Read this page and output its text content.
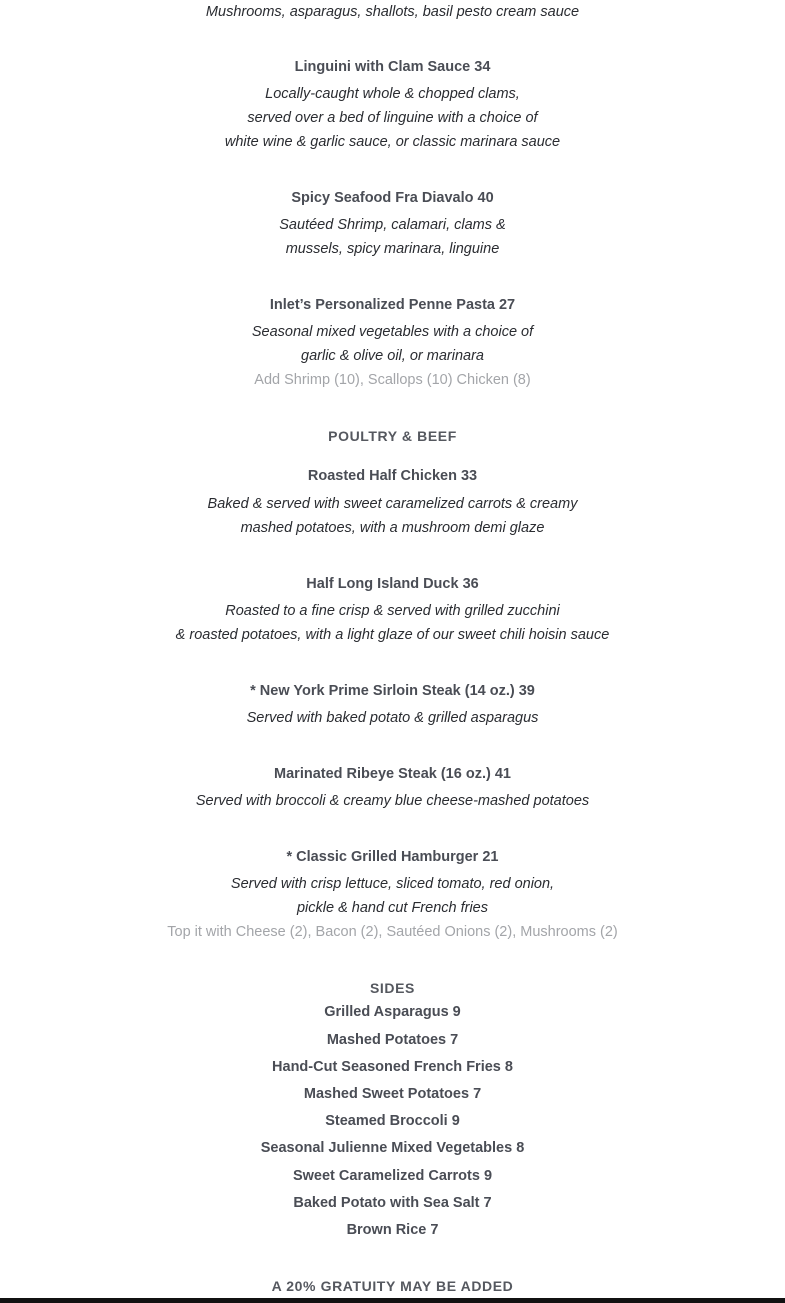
Mushrooms, asparagus, shallots, basil pesto cream sauce
Linguini with Clam Sauce 34
Locally-caught whole & chopped clams,
served over a bed of linguine with a choice of
white wine & garlic sauce, or classic marinara sauce
Spicy Seafood Fra Diavalo 40
Sautéed Shrimp, calamari, clams &
mussels, spicy marinara, linguine
Inlet’s Personalized Penne Pasta 27
Seasonal mixed vegetables with a choice of
garlic & olive oil, or marinara
Add Shrimp (10), Scallops (10) Chicken (8)
POULTRY & BEEF
Roasted Half Chicken 33
Baked & served with sweet caramelized carrots & creamy
mashed potatoes, with a mushroom demi glaze
Half Long Island Duck 36
Roasted to a fine crisp & served with grilled zucchini
& roasted potatoes, with a light glaze of our sweet chili hoisin sauce
* New York Prime Sirloin Steak (14 oz.) 39
Served with baked potato & grilled asparagus
Marinated Ribeye Steak (16 oz.) 41
Served with broccoli & creamy blue cheese-mashed potatoes
* Classic Grilled Hamburger 21
Served with crisp lettuce, sliced tomato, red onion,
pickle & hand cut French fries
Top it with Cheese (2), Bacon (2), Sautéed Onions (2), Mushrooms (2)
SIDES
Grilled Asparagus 9
Mashed Potatoes 7
Hand-Cut Seasoned French Fries 8
Mashed Sweet Potatoes 7
Steamed Broccoli 9
Seasonal Julienne Mixed Vegetables 8
Sweet Caramelized Carrots 9
Baked Potato with Sea Salt 7
Brown Rice 7
A 20% GRATUITY MAY BE ADDED
